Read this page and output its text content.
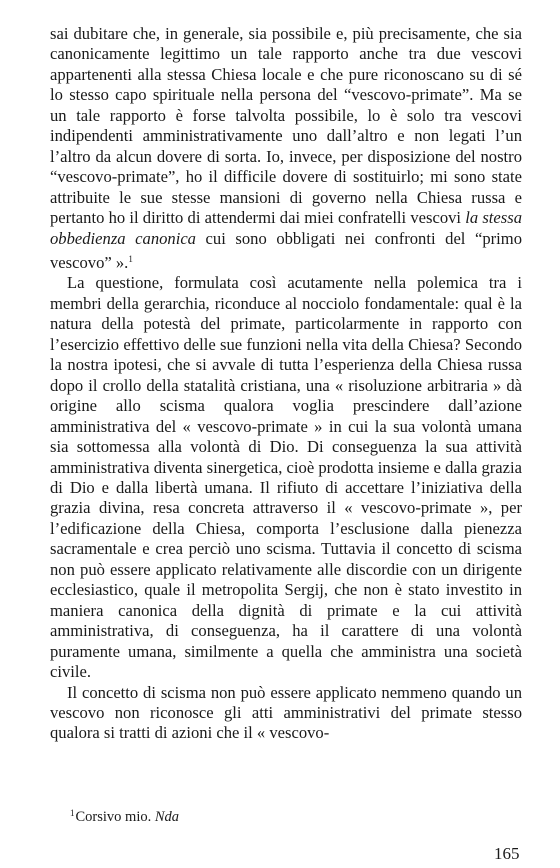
sai dubitare che, in generale, sia possibile e, più precisamente, che sia canonicamente legittimo un tale rapporto anche tra due vescovi appartenenti alla stessa Chiesa locale e che pure riconoscano su di sé lo stesso capo spirituale nella persona del “vescovo-primate”. Ma se un tale rapporto è forse talvolta possibile, lo è solo tra vescovi indipendenti amministrativamente uno dall’altro e non legati l’un l’altro da alcun dovere di sorta. Io, invece, per disposizione del nostro “vescovo-primate”, ho il difficile dovere di sostituirlo; mi sono state attribuite le sue stesse mansioni di governo nella Chiesa russa e pertanto ho il diritto di attendermi dai miei confratelli vescovi la stessa obbedienza canonica cui sono obbligati nei confronti del “primo vescovo” ».$^1$

La questione, formulata così acutamente nella polemica tra i membri della gerarchia, riconduce al nocciolo fondamentale: qual è la natura della potestà del primate, particolarmente in rapporto con l’esercizio effettivo delle sue funzioni nella vita della Chiesa? Secondo la nostra ipotesi, che si avvale di tutta l’esperienza della Chiesa russa dopo il crollo della statalità cristiana, una « risoluzione arbitraria » dà origine allo scisma qualora voglia prescindere dall’azione amministrativa del « vescovo-primate » in cui la sua volontà umana sia sottomessa alla volontà di Dio. Di conseguenza la sua attività amministrativa diventa sinergetica, cioè prodotta insieme e dalla grazia di Dio e dalla libertà umana. Il rifiuto di accettare l’iniziativa della grazia divina, resa concreta attraverso il « vescovo-primate », per l’edificazione della Chiesa, comporta l’esclusione dalla pienezza sacramentale e crea perciò uno scisma. Tuttavia il concetto di scisma non può essere applicato relativamente alle discordie con un dirigente ecclesiastico, quale il metropolita Sergij, che non è stato investito in maniera canonica della dignità di primate e la cui attività amministrativa, di conseguenza, ha il carattere di una volontà puramente umana, similmente a quella che amministra una società civile.

Il concetto di scisma non può essere applicato nemmeno quando un vescovo non riconosce gli atti amministrativi del primate stesso qualora si tratti di azioni che il « vescovo-

$^1$Corsivo mio. Nda
165
